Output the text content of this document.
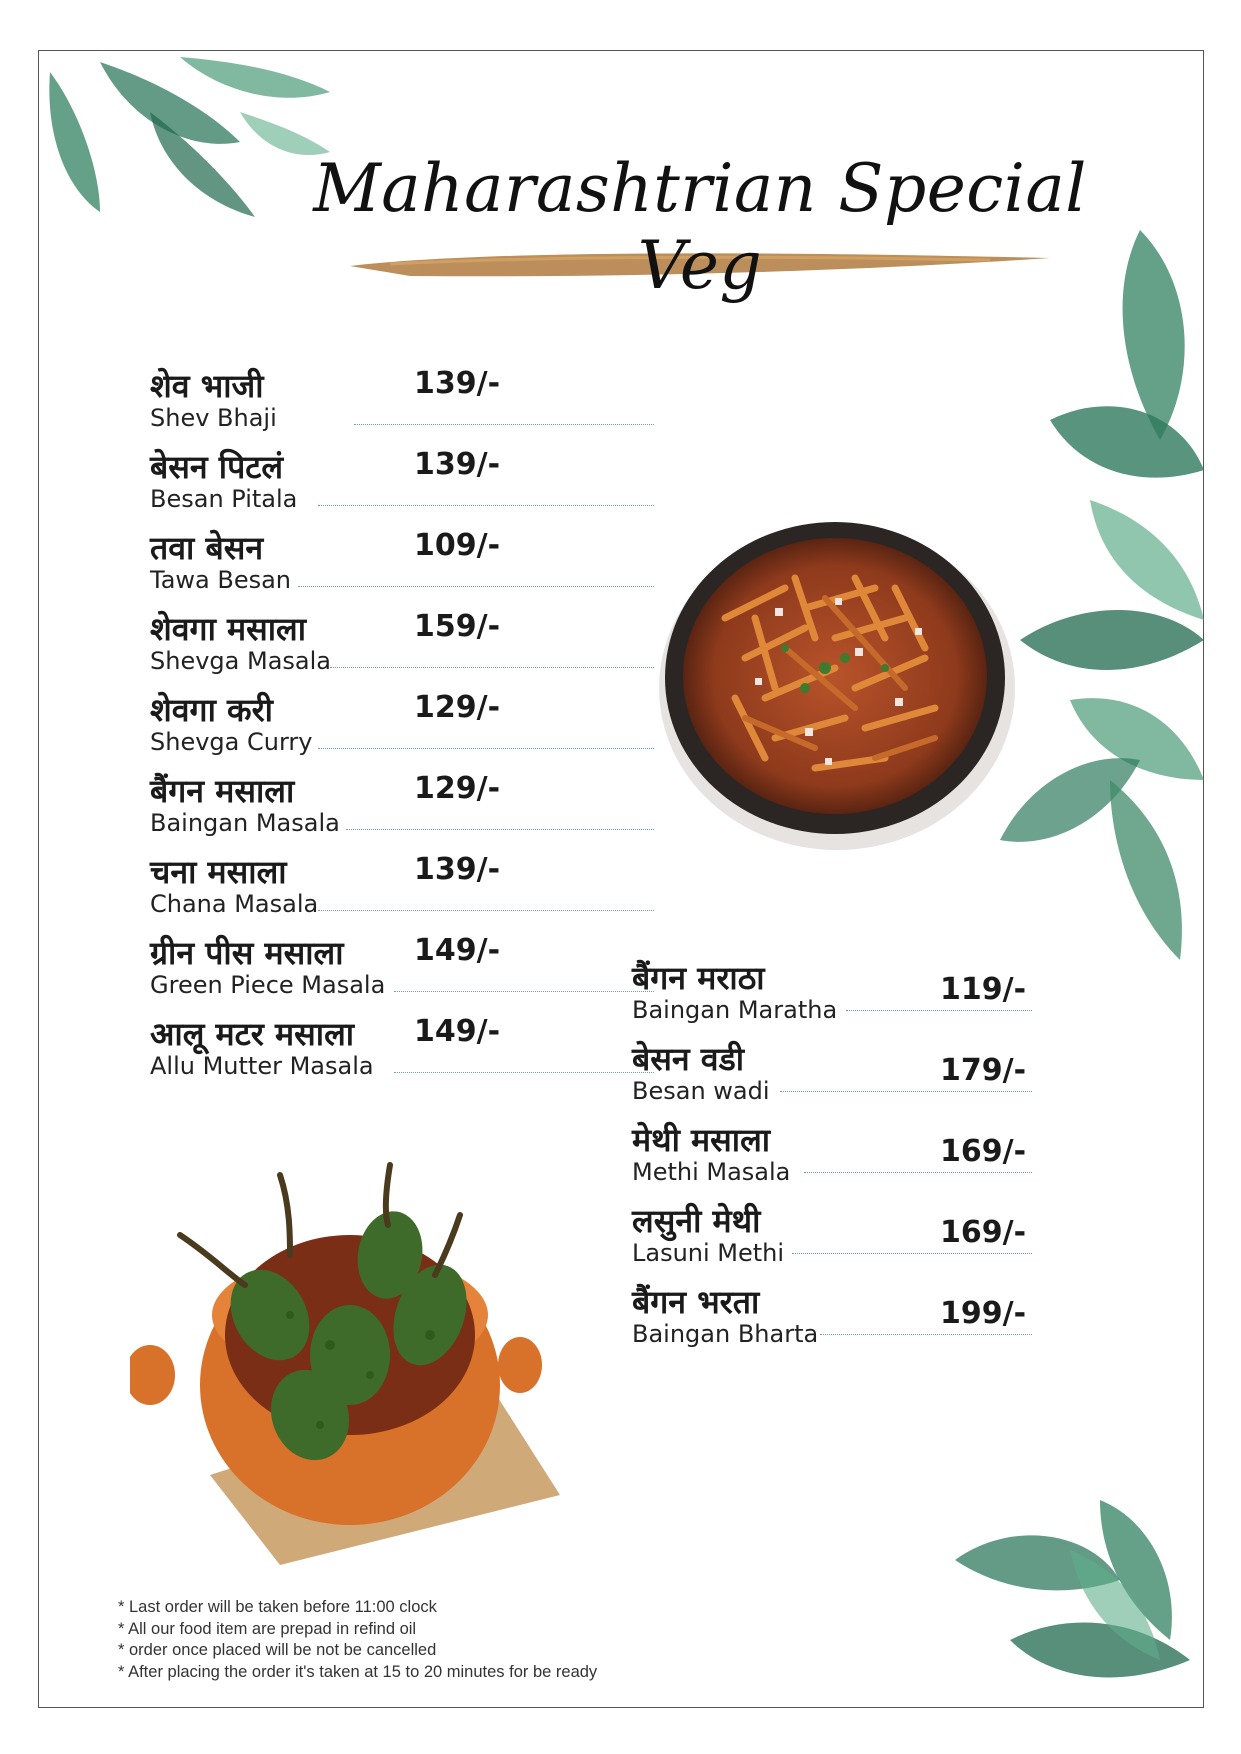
Maharashtrian Special Veg
शेव भाजी
Shev Bhaji
139/-
बेसन पिटलं
Besan Pitala
139/-
तवा बेसन
Tawa Besan
109/-
शेवगा मसाला
Shevga Masala
159/-
शेवगा करी
Shevga Curry
129/-
बैंगन मसाला
Baingan Masala
129/-
चना मसाला
Chana Masala
139/-
ग्रीन पीस मसाला
Green Piece Masala
149/-
आलू मटर मसाला
Allu Mutter Masala
149/-
बैंगन मराठा
Baingan Maratha
119/-
बेसन वडी
Besan wadi
179/-
मेथी मसाला
Methi Masala
169/-
लसुनी मेथी
Lasuni Methi
169/-
बैंगन भरता
Baingan Bharta
199/-
* Last order will be taken before 11:00 clock
* All our food item are prepad in refind oil
* order once placed will be not be cancelled
* After placing the order it's taken at 15 to 20 minutes for be ready
